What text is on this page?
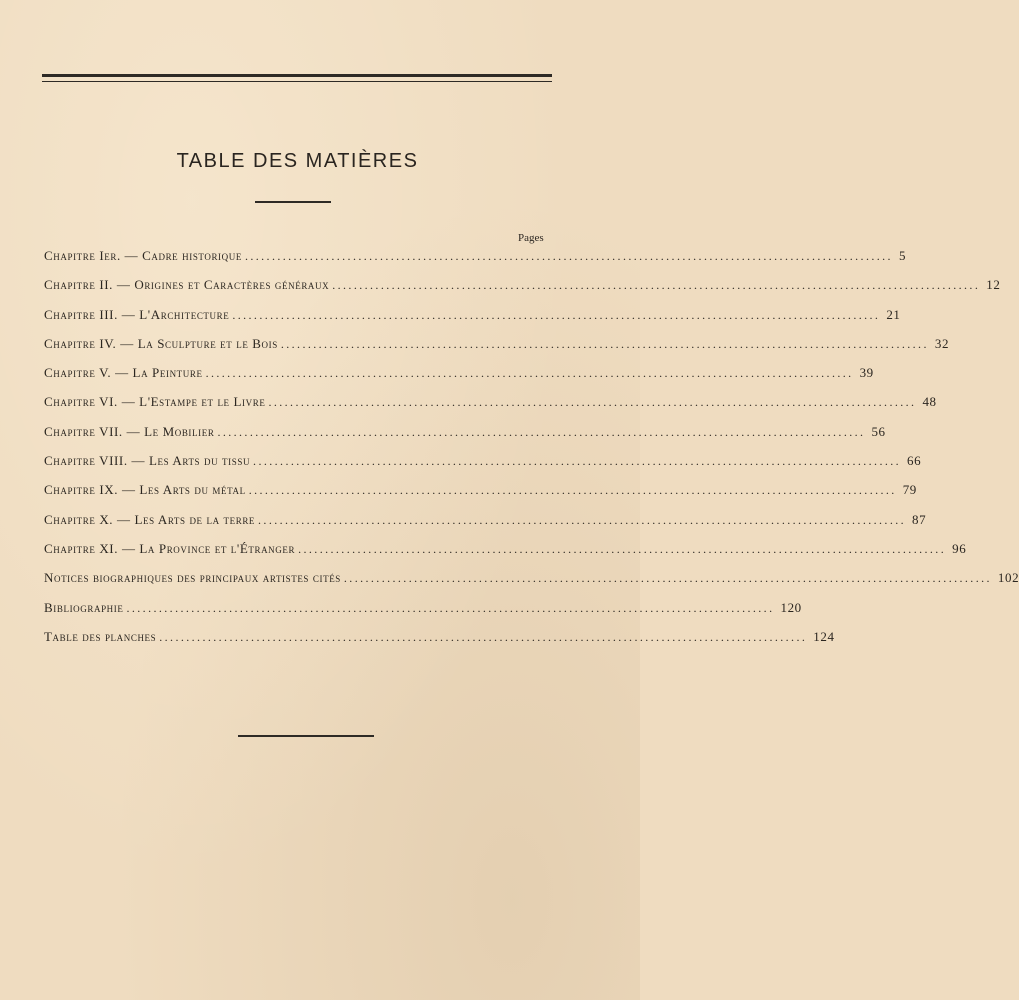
TABLE DES MATIÈRES
Pages
Chapitre Ier. — Cadre historique ........................................................................................................................ 5
Chapitre II. — Origines et Caractères généraux ........................................................................................................................ 12
Chapitre III. — L'Architecture ........................................................................................................................ 21
Chapitre IV. — La Sculpture et le Bois ........................................................................................................................ 32
Chapitre V. — La Peinture ........................................................................................................................ 39
Chapitre VI. — L'Estampe et le Livre ........................................................................................................................ 48
Chapitre VII. — Le Mobilier ........................................................................................................................ 56
Chapitre VIII. — Les Arts du tissu ........................................................................................................................ 66
Chapitre IX. — Les Arts du métal ........................................................................................................................ 79
Chapitre X. — Les Arts de la terre ........................................................................................................................ 87
Chapitre XI. — La Province et l'Étranger ........................................................................................................................ 96
Notices biographiques des principaux artistes cités ........................................................................................................................ 102
Bibliographie ........................................................................................................................ 120
Table des planches ........................................................................................................................ 124
